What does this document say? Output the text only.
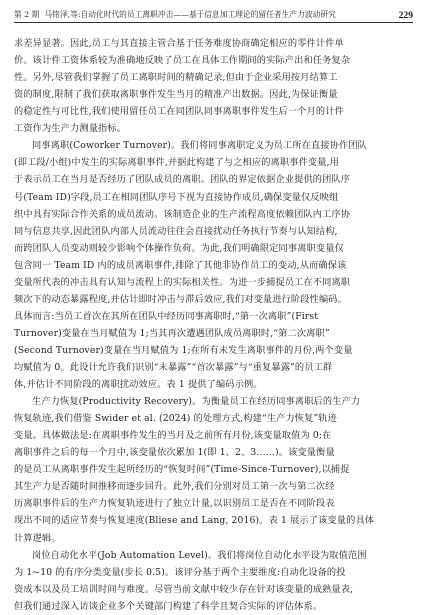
第 2 期 马铭泽,等:自动化时代的员工离职冲击——基于信息加工理论的留任者生产力波动研究	229
求差异显著。因此,员工与其直接主管合基于任务难度协商确定相应的零件计件单
价。该计件工资体系较为准确地反映了员工在具体工作期间的实际产出和任务复杂
性。另外,尽管我们掌握了员工离职时间的精确记录,但由于企业采用按月结算工
资的制度,限制了我们获取离职事件发生当月的精准产出数据。因此,为保证衡量
的稳定性与可比性,我们使用留任员工在同团队同事离职事件发生后一个月的计件
工资作为生产力测量指标。
同事离职(Coworker Turnover)。我们将同事离职定义为员工所在直接协作团队
(即工段/小组)中发生的实际离职事件,并据此构建了与之相应的离职事件变量,用
于表示员工在当月是否经历了团队成员的离职。团队的界定依据企业提供的团队序
号(Team ID)字段,员工在相同团队序号下视为直接协作成员,确保变量仅反映组
织中具有实际合作关系的成员流动。该制造企业的生产流程高度依赖团队内工序协
同与信息共享,因此团队内部人员流动往往会直接扰动任务执行节奏与认知结构,
而跨团队人员变动则较少影响个体操作负荷。为此,我们明确限定同事离职变量仅
包含同一 Team ID 内的成员离职事件,排除了其他非协作员工的变动,从而确保该
变量所代表的冲击具有认知与流程上的实际相关性。为进一步捕捉员工在不同离职
频次下的动态暴露程度,并估计即时冲击与滞后效应,我们对变量进行阶段性编码。
具体而言:当员工首次在其所在团队中经历同事离职时,“第一次离职”(First
Turnover)变量在当月赋值为 1;当其再次遭遇团队成员离职时,“第二次离职”
(Second Turnover)变量在当月赋值为 1;在所有未发生离职事件的月份,两个变量
均赋值为 0。此设计允许我们识别“未暴露”“首次暴露”与“重复暴露”的员工群
体,并估计不同阶段的离职扰动效应。表 1 提供了编码示例。
生产力恢复(Productivity Recovery)。为衡量员工在经历同事离职后的生产力
恢复轨迹,我们借鉴 Swider et al. (2024) 的处理方式,构建“生产力恢复”轨迹
变量。具体做法是:在离职事件发生的当月及之前所有月份,该变量取值为 0;在
离职事件之后的每一个月中,该变量依次累加 1(即 1、2、3……)。该变量衡量
的是员工从离职事件发生起所经历的“恢复时间”(Time-Since-Turnover),以捕捉
其生产力是否随时间推移而逐步回升。此外,我们分别对员工第一次与第二次经
历离职事件后的生产力恢复轨迹进行了独立计量,以识别员工是否在不同阶段表
现出不同的适应节奏与恢复速度(Bliese and Lang, 2016)。表 1 展示了该变量的具体
计算逻辑。
岗位自动化水平(Job Automation Level)。我们将岗位自动化水平设为取值范围
为 1~10 的有序分类变量(步长 0.5)。该评分基于两个主要维度:自动化设备的投
资成本以及员工培训时间与难度。尽管当前文献中较少存在针对该变量的成熟量表,
但我们通过深入访谈企业多个关键部门构建了科学且契合实际的评估体系。
